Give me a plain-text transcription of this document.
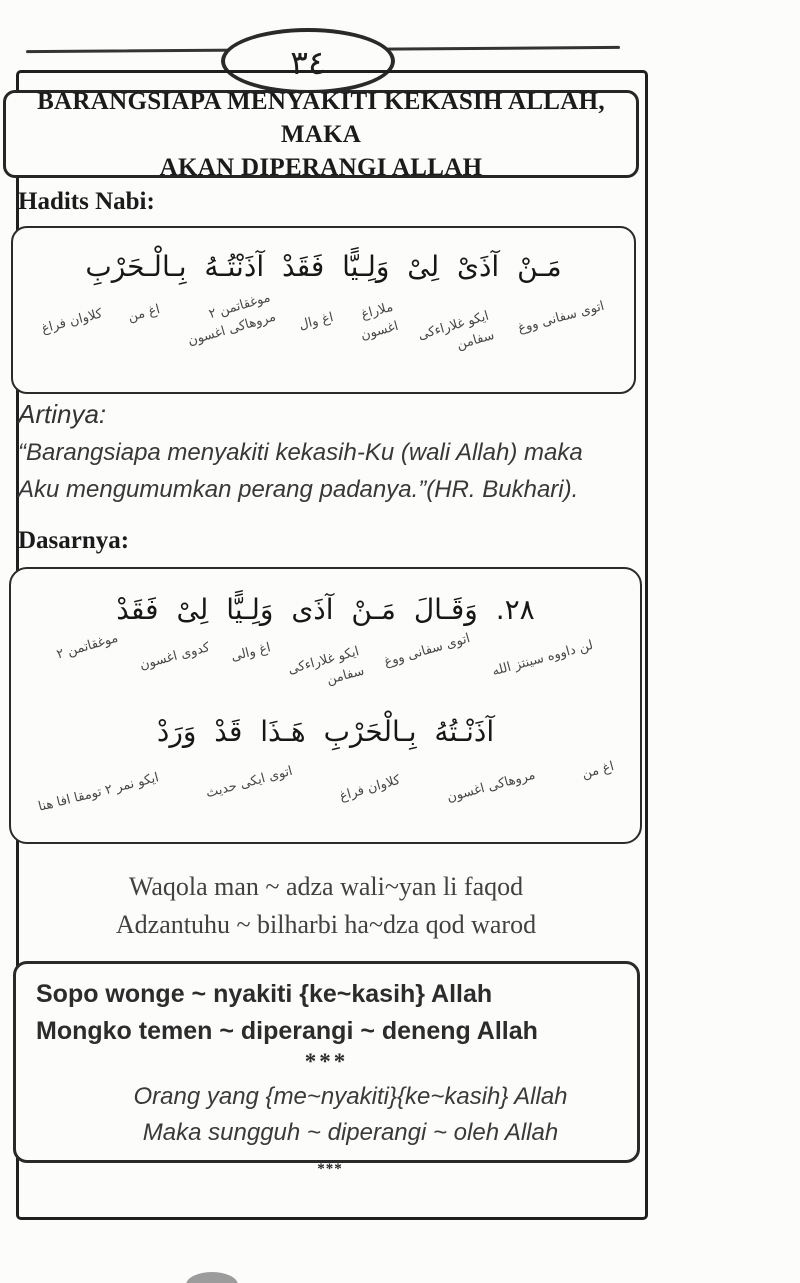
٣٤
BARANGSIAPA MENYAKITI KEKASIH ALLAH, MAKA
AKAN DIPERANGI ALLAH
Hadits Nabi:
مَـنْ آذَىْ لِىْ وَلِـيًّا فَقَدْ آذَنْتُـهُ بِـالْـحَرْبِ
اتوى سفانى ووغ
ايكو غلاراءكى
سفامن
ملاراغ
اغسون
اغ وال
موغقاتمن ٢
مروهاكى اغسون
اغ من
كلاوان فراغ
Artinya:
“Barangsiapa menyakiti kekasih-Ku (wali Allah) maka
Aku mengumumkan perang padanya.”(HR. Bukhari).
Dasarnya:
٢٨. وَقَـالَ مَـنْ آذَى وَلِـيًّا لِىْ فَقَدْ
لن داووه سينتز الله
اتوى سفانى ووغ
ايكو غلاراءكى
سفامن
اغ والى
كدوى اغسون
موغقاتمن ٢
آذَنْـتُهُ بِـالْحَرْبِ هَـذَا قَدْ وَرَدْ
اغ من
مروهاكى اغسون
كلاوان فراغ
اتوى ايكى حديث
ايكو نمر ٢ تومقا افا هنا
Waqola man ~ adza wali~yan li faqod
Adzantuhu ~ bilharbi ha~dza qod warod
Sopo wonge ~ nyakiti {ke~kasih} Allah
Mongko temen ~ diperangi ~ deneng Allah
***
Orang yang {me~nyakiti}{ke~kasih} Allah
Maka sungguh ~ diperangi ~ oleh Allah
***
